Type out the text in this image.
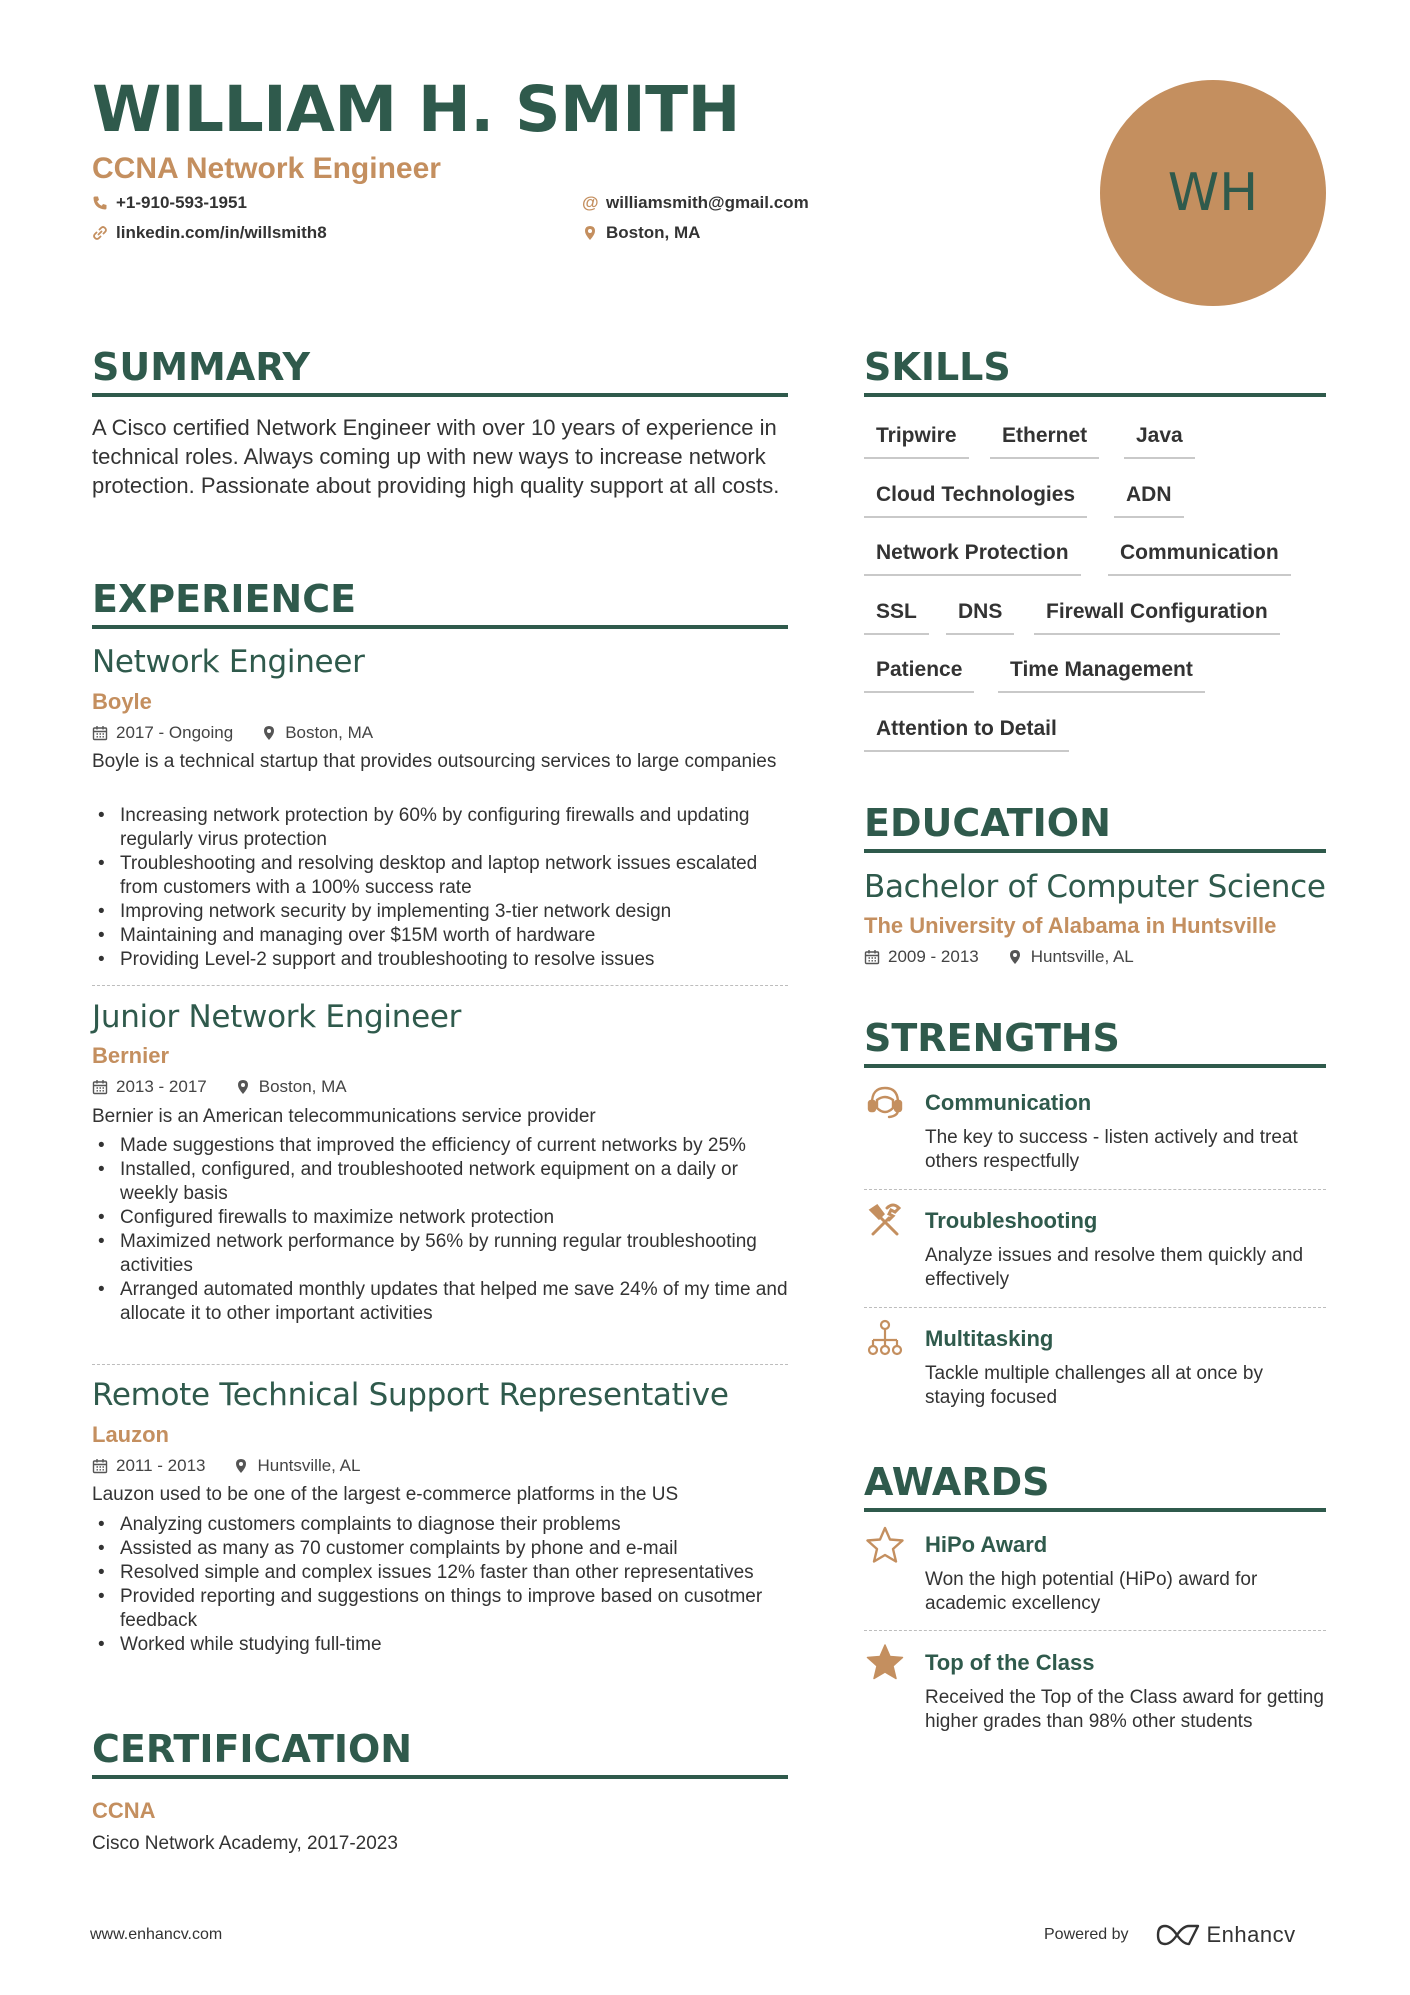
WILLIAM H. SMITH
CCNA Network Engineer
+1-910-593-1951	@ williamsmith@gmail.com
linkedin.com/in/willsmith8	Boston, MA
WH
SUMMARY

A Cisco certified Network Engineer with over 10 years of experience in technical roles. Always coming up with new ways to increase network protection. Passionate about providing high quality support at all costs.

EXPERIENCE
Network Engineer
Boyle
2017 - Ongoing	Boston, MA

Boyle is a technical startup that provides outsourcing services to large companies

• Increasing network protection by 60% by configuring firewalls and updating regularly virus protection
• Troubleshooting and resolving desktop and laptop network issues escalated from customers with a 100% success rate
• Improving network security by implementing 3-tier network design
• Maintaining and managing over $15M worth of hardware
• Providing Level-2 support and troubleshooting to resolve issues
Junior Network Engineer
Bernier
2013 - 2017	Boston, MA

Bernier is an American telecommunications service provider

• Made suggestions that improved the efficiency of current networks by 25%
• Installed, configured, and troubleshooted network equipment on a daily or weekly basis
• Configured firewalls to maximize network protection
• Maximized network performance by 56% by running regular troubleshooting activities
• Arranged automated monthly updates that helped me save 24% of my time and allocate it to other important activities
Remote Technical Support Representative
Lauzon
2011 - 2013	Huntsville, AL

Lauzon used to be one of the largest e-commerce platforms in the US

• Analyzing customers complaints to diagnose their problems
• Assisted as many as 70 customer complaints by phone and e-mail
• Resolved simple and complex issues 12% faster than other representatives
• Provided reporting and suggestions on things to improve based on cusotmer feedback
• Worked while studying full-time
CERTIFICATION
CCNA

Cisco Network Academy, 2017-2023

SKILLS
Tripwire	Ethernet	Java
Cloud Technologies	ADN
Network Protection	Communication
SSL	DNS	Firewall Configuration
Patience	Time Management
Attention to Detail
EDUCATION
Bachelor of Computer Science
The University of Alabama in Huntsville
2009 - 2013	Huntsville, AL
STRENGTHS
Communication

The key to success - listen actively and treat others respectfully

Troubleshooting

Analyze issues and resolve them quickly and effectively

Multitasking

Tackle multiple challenges all at once by staying focused

AWARDS
HiPo Award

Won the high potential (HiPo) award for academic excellency

Top of the Class

Received the Top of the Class award for getting higher grades than 98% other students

www.enhancv.com	Powered by	Enhancv
